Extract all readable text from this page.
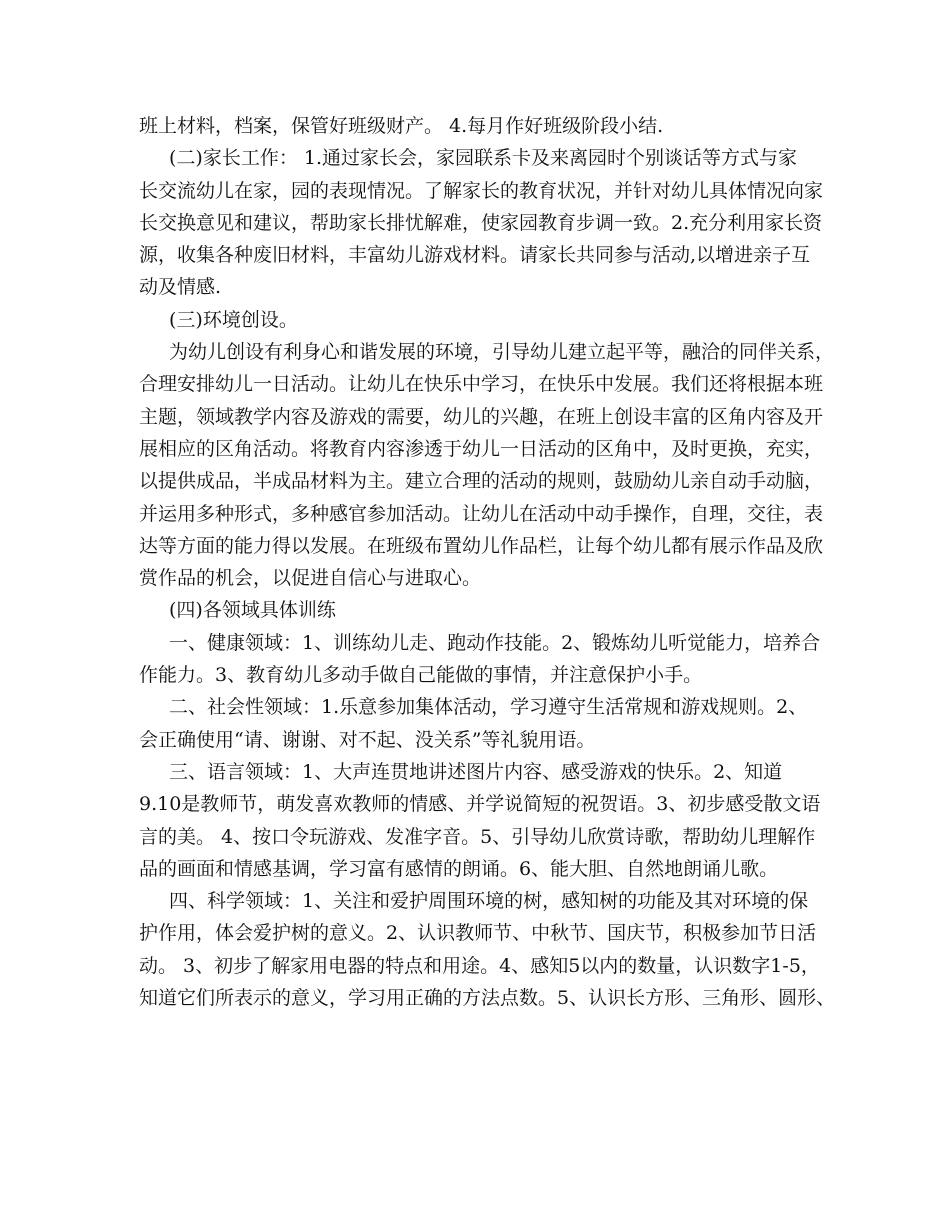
班上材料，档案，保管好班级财产。 4.每月作好班级阶段小结.
(二)家长工作： 1.通过家长会，家园联系卡及来离园时个别谈话等方式与家
长交流幼儿在家，园的表现情况。了解家长的教育状况，并针对幼儿具体情况向家
长交换意见和建议，帮助家长排忧解难，使家园教育步调一致。2.充分利用家长资
源，收集各种废旧材料，丰富幼儿游戏材料。请家长共同参与活动,以增进亲子互
动及情感.
(三)环境创设。
为幼儿创设有利身心和谐发展的环境，引导幼儿建立起平等，融洽的同伴关系，
合理安排幼儿一日活动。让幼儿在快乐中学习，在快乐中发展。我们还将根据本班
主题，领域教学内容及游戏的需要，幼儿的兴趣，在班上创设丰富的区角内容及开
展相应的区角活动。将教育内容渗透于幼儿一日活动的区角中，及时更换，充实，
以提供成品，半成品材料为主。建立合理的活动的规则，鼓励幼儿亲自动手动脑，
并运用多种形式，多种感官参加活动。让幼儿在活动中动手操作，自理，交往，表
达等方面的能力得以发展。在班级布置幼儿作品栏，让每个幼儿都有展示作品及欣
赏作品的机会，以促进自信心与进取心。
(四)各领域具体训练
一、健康领域：1、训练幼儿走、跑动作技能。2、锻炼幼儿听觉能力，培养合
作能力。3、教育幼儿多动手做自己能做的事情，并注意保护小手。
二、社会性领域：1.乐意参加集体活动，学习遵守生活常规和游戏规则。2、
会正确使用“请、谢谢、对不起、没关系”等礼貌用语。
三、语言领域：1、大声连贯地讲述图片内容、感受游戏的快乐。2、知道
9.10是教师节，萌发喜欢教师的情感、并学说简短的祝贺语。3、初步感受散文语
言的美。 4、按口令玩游戏、发准字音。5、引导幼儿欣赏诗歌，帮助幼儿理解作
品的画面和情感基调，学习富有感情的朗诵。6、能大胆、自然地朗诵儿歌。
四、科学领域：1、关注和爱护周围环境的树，感知树的功能及其对环境的保
护作用，体会爱护树的意义。2、认识教师节、中秋节、国庆节，积极参加节日活
动。 3、初步了解家用电器的特点和用途。4、感知5以内的数量，认识数字1-5，
知道它们所表示的意义，学习用正确的方法点数。5、认识长方形、三角形、圆形、
